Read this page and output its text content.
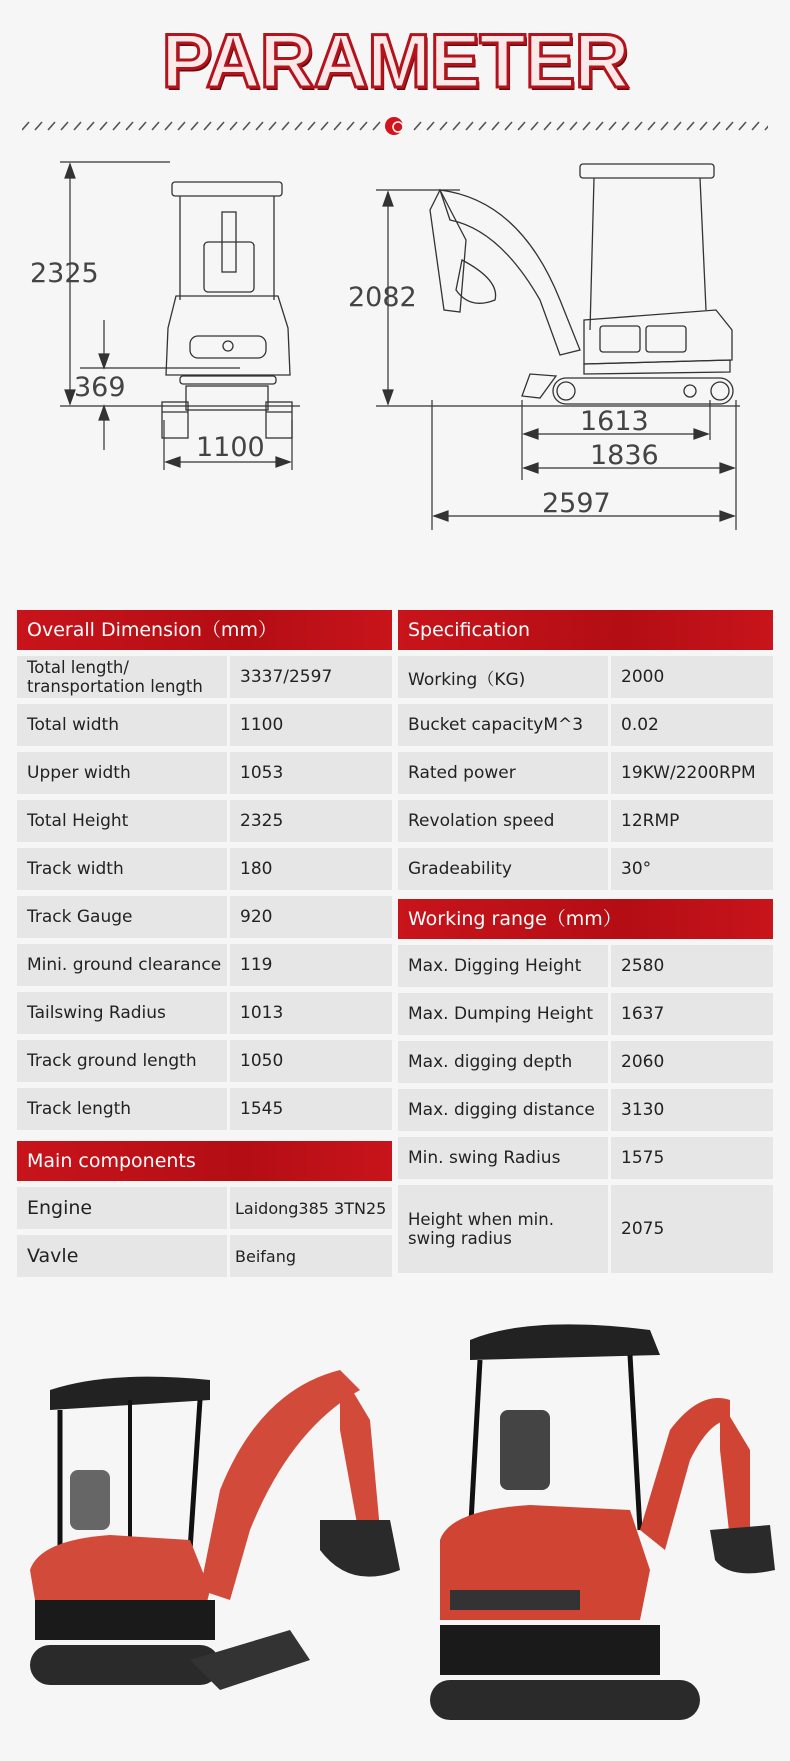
PARAMETER
2325
369
1100
2082
1613
1836
2597
Overall Dimension（mm）
Total length/
transportation length	3337/2597
Total width	1100
Upper width	1053
Total Height	2325
Track width	180
Track Gauge	920
Mini. ground clearance	119
Tailswing Radius	1013
Track ground length	1050
Track length	1545
Main components
Engine	Laidong385 3TN25
Vavle	Beifang
Specification
Working（KG)	2000
Bucket capacityM^3	0.02
Rated power	19KW/2200RPM
Revolation speed	12RMP
Gradeability	30°
Working range（mm）
Max. Digging Height	2580
Max. Dumping Height	1637
Max. digging depth	2060
Max. digging distance	3130
Min. swing Radius	1575
Height when min.
swing radius	2075
